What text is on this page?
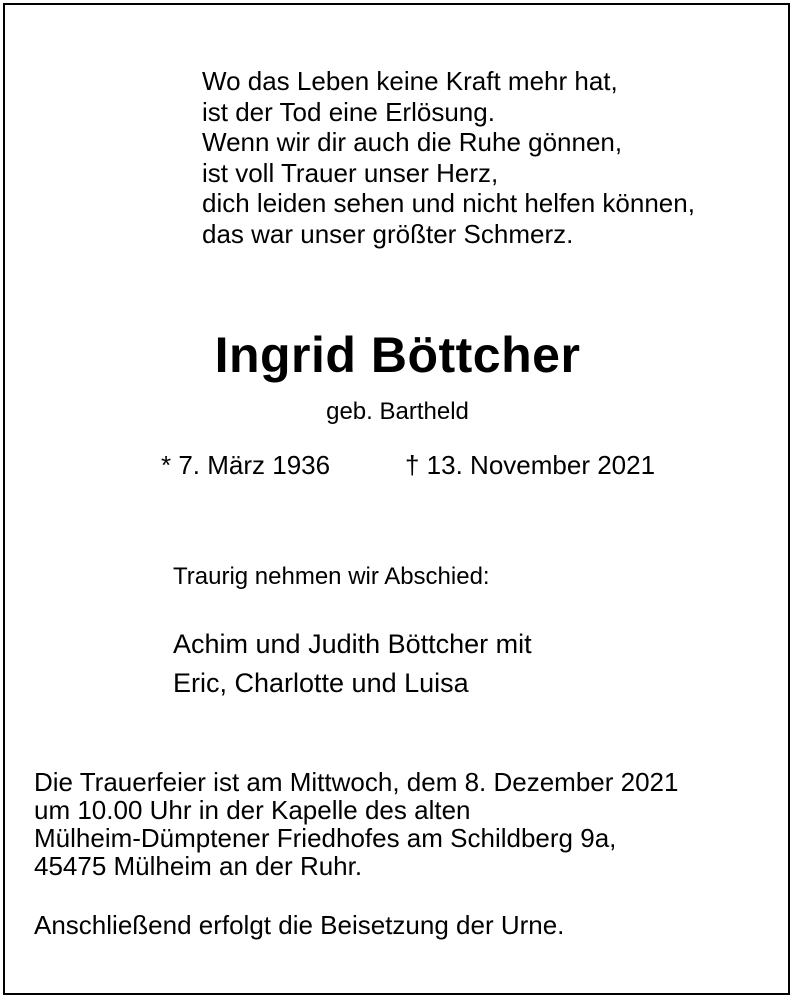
Wo das Leben keine Kraft mehr hat,
ist der Tod eine Erlösung.
Wenn wir dir auch die Ruhe gönnen,
ist voll Trauer unser Herz,
dich leiden sehen und nicht helfen können,
das war unser größter Schmerz.
Ingrid Böttcher
geb. Bartheld
* 7. März 1936	† 13. November 2021
Traurig nehmen wir Abschied:
Achim und Judith Böttcher mit
Eric, Charlotte und Luisa
Die Trauerfeier ist am Mittwoch, dem 8. Dezember 2021
um 10.00 Uhr in der Kapelle des alten
Mülheim-Dümptener Friedhofes am Schildberg 9a,
45475 Mülheim an der Ruhr.
Anschließend erfolgt die Beisetzung der Urne.
